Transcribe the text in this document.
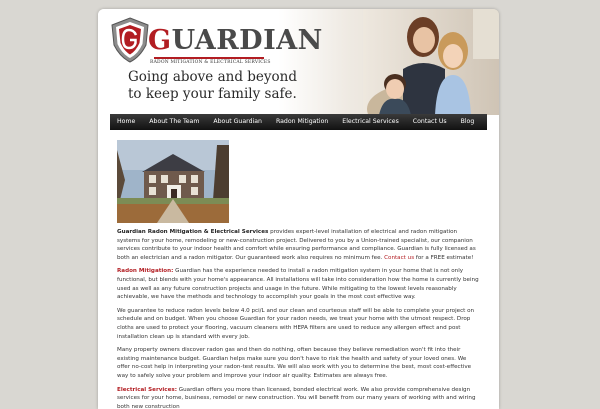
GUARDIAN
RADON MITIGATION & ELECTRICAL SERVICES
Going above and beyond
to keep your family safe.
Home	About The Team	About Guardian	Radon Mitigation	Electrical Services	Contact Us	Blog

Guardian Radon Mitigation & Electrical Services provides expert-level installation of electrical and radon mitigation systems for your home, remodeling or new-construction project. Delivered to you by a Union-trained specialist, our companion services contribute to your indoor health and comfort while ensuring performance and compliance. Guardian is fully licensed as both an electrician and a radon mitigator. Our guaranteed work also requires no minimum fee. Contact us for a FREE estimate!

Radon Mitigation: Guardian has the experience needed to install a radon mitigation system in your home that is not only functional, but blends with your home's appearance. All installations will take into consideration how the home is currently being used as well as any future construction projects and usage in the future. While mitigating to the lowest levels reasonably achievable, we have the methods and technology to accomplish your goals in the most cost effective way.

We guarantee to reduce radon levels below 4.0 pci/L and our clean and courteous staff will be able to complete your project on schedule and on budget. When you choose Guardian for your radon needs, we treat your home with the utmost respect. Drop cloths are used to protect your flooring, vacuum cleaners with HEPA filters are used to reduce any allergen effect and post installation clean up is standard with every job.

Many property owners discover radon gas and then do nothing, often because they believe remediation won't fit into their existing maintenance budget. Guardian helps make sure you don't have to risk the health and safety of your loved ones. We offer no-cost help in interpreting your radon-test results. We will also work with you to determine the best, most cost-effective way to safely solve your problem and improve your indoor air quality. Estimates are always free.

Electrical Services: Guardian offers you more than licensed, bonded electrical work. We also provide comprehensive design services for your home, business, remodel or new construction. You will benefit from our many years of working with and wiring both new construction
